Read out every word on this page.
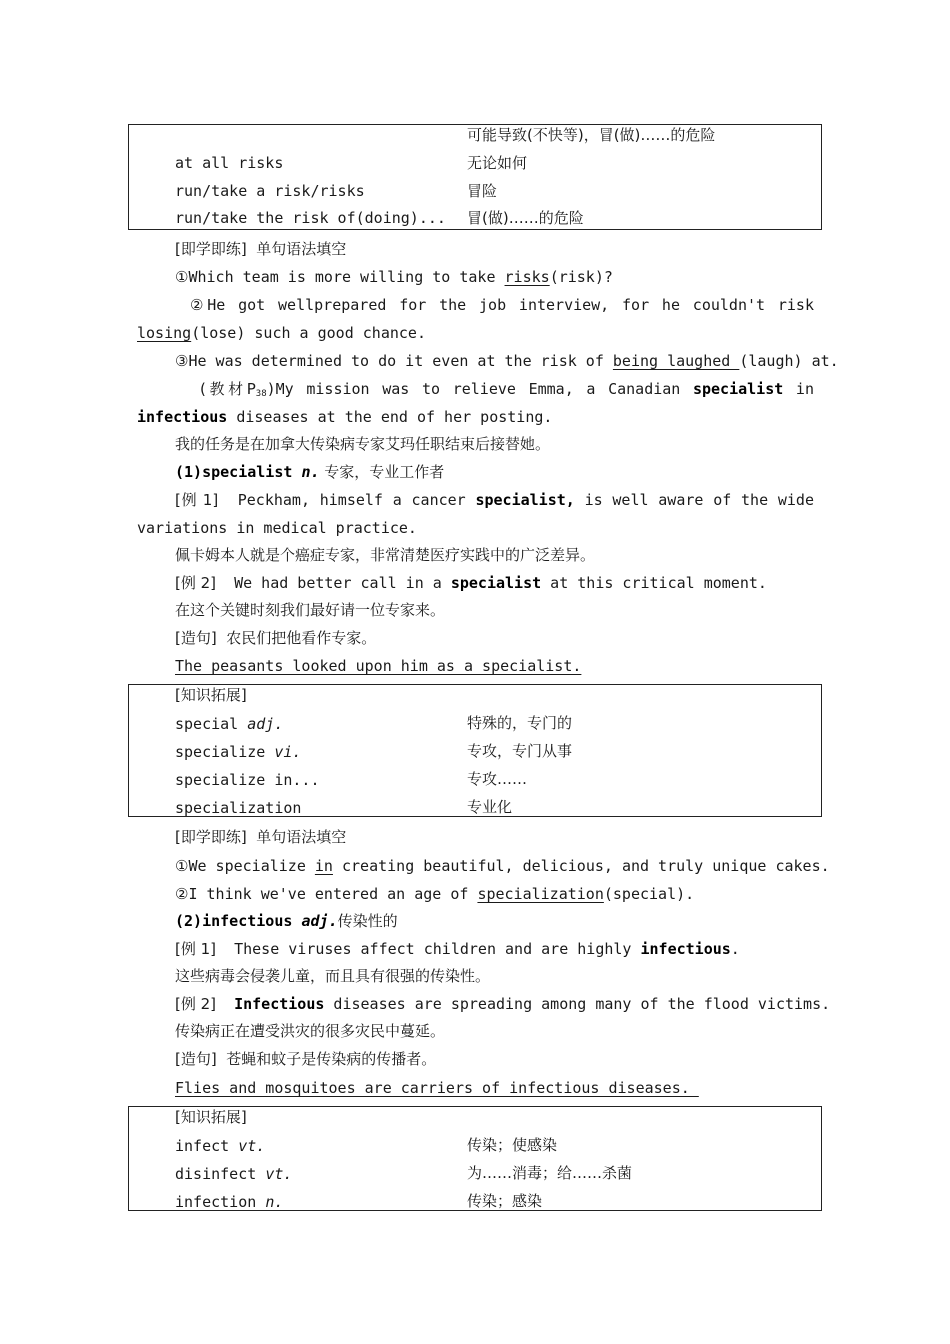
可能导致(不快等)，冒(做)……的危险
at all risks	无论如何
run/take a risk/risks	冒险
run/take the risk of(doing)... 冒(做)……的危险
[即学即练]  单句语法填空
①Which team is more willing to take risks(risk)?
②He got wellprepared for the job interview, for he couldn't risk
losing(lose) such a good chance.
③He was determined to do it even at the risk of being laughed (laugh) at.
(教材$P_{38})My$ mission was to relieve Emma, a Canadian specialist in
infectious diseases at the end of her posting.
我的任务是在加拿大传染病专家艾玛任职结束后接替她。
(1)specialist n. 专家，专业工作者
[例 1]  Peckham, himself a cancer specialist, is well aware of the wide
variations in medical practice.
佩卡姆本人就是个癌症专家，非常清楚医疗实践中的广泛差异。
[例 2]  We had better call in a specialist at this critical moment.
在这个关键时刻我们最好请一位专家来。
[造句]  农民们把他看作专家。
The peasants looked upon him as a specialist.
[知识拓展]
special adj.	特殊的，专门的
specialize vi.	专攻，专门从事
specialize in...	专攻……
specialization	专业化
[即学即练]  单句语法填空
①We specialize in creating beautiful, delicious, and truly unique cakes.
②I think we've entered an age of specialization(special).
(2)infectious adj.传染性的
[例 1]  These viruses affect children and are highly infectious.
这些病毒会侵袭儿童，而且具有很强的传染性。
[例 2] Infectious diseases are spreading among many of the flood victims.
传染病正在遭受洪灾的很多灾民中蔓延。
[造句]  苍蝇和蚊子是传染病的传播者。
Flies and mosquitoes are carriers of infectious diseases.
[知识拓展]
infect vt.	传染；使感染
disinfect vt.	为……消毒；给……杀菌
infection n.	传染；感染
